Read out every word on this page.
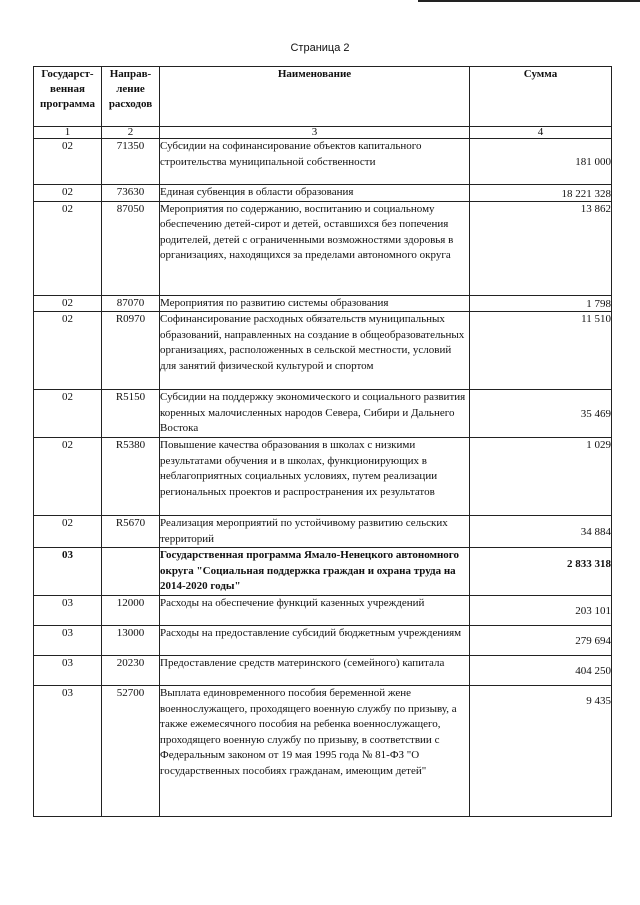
Страница 2
Государст-венная программа	Направ-ление расходов	Наименование	Сумма
1	2	3	4
02	71350	Субсидии на софинансирование объектов капитального строительства муниципальной собственности	181 000
02	73630	Единая субвенция в области образования	18 221 328
02	87050	Мероприятия по содержанию, воспитанию и социальному обеспечению детей-сирот и детей, оставшихся без попечения родителей, детей с ограниченными возможностями здоровья в организациях, находящихся за пределами автономного округа	13 862
02	87070	Мероприятия по развитию системы образования	1 798
02	R0970	Софинансирование расходных обязательств муниципальных образований, направленных на создание в общеобразовательных организациях, расположенных в сельской местности, условий для занятий физической культурой и спортом	11 510
02	R5150	Субсидии на поддержку экономического и социального развития коренных малочисленных народов Севера, Сибири и Дальнего Востока	35 469
02	R5380	Повышение качества образования в школах с низкими результатами обучения и в школах, функционирующих в неблагоприятных социальных условиях, путем реализации региональных проектов и распространения их результатов	1 029
02	R5670	Реализация мероприятий по устойчивому развитию сельских территорий	34 884
03		Государственная программа Ямало-Ненецкого автономного округа "Социальная поддержка граждан и охрана труда на 2014-2020 годы"	2 833 318
03	12000	Расходы на обеспечение функций казенных учреждений	203 101
03	13000	Расходы на предоставление субсидий бюджетным учреждениям	279 694
03	20230	Предоставление средств материнского (семейного) капитала	404 250
03	52700	Выплата единовременного пособия беременной жене военнослужащего, проходящего военную службу по призыву, а также ежемесячного пособия на ребенка военнослужащего, проходящего военную службу по призыву, в соответствии с Федеральным законом от 19 мая 1995 года № 81-ФЗ "О государственных пособиях гражданам, имеющим детей"	9 435
